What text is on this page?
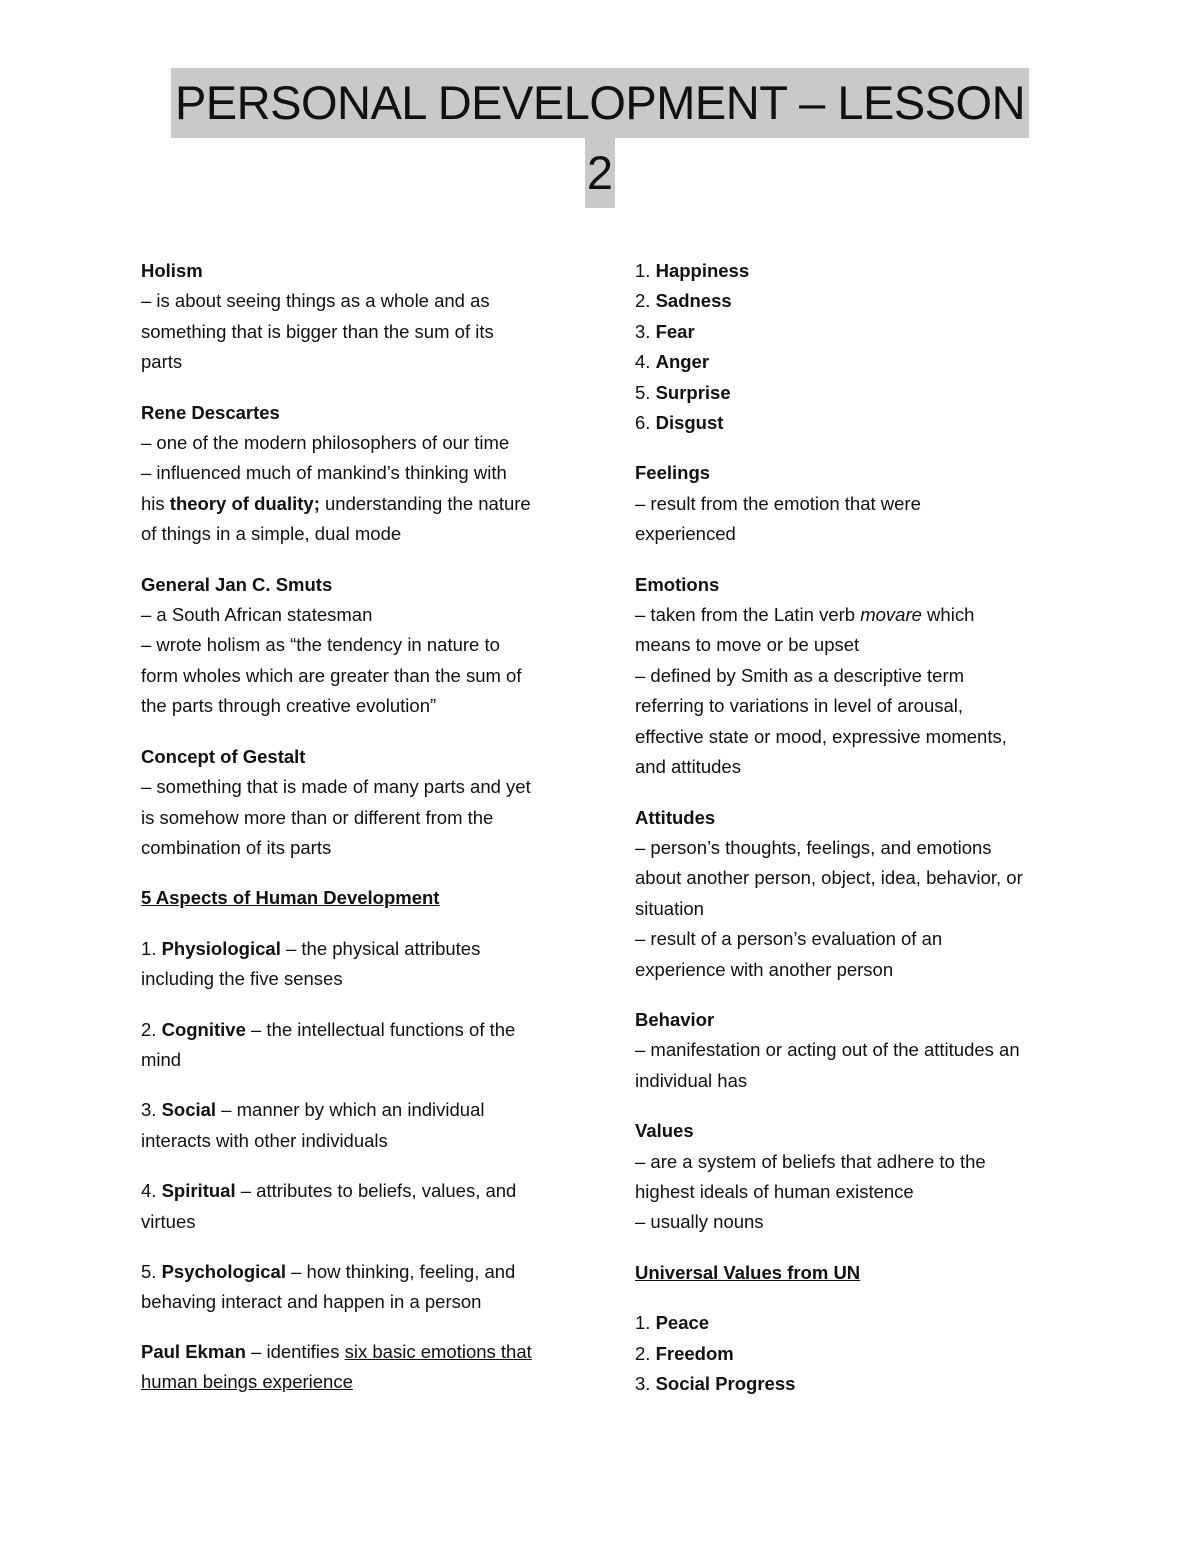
PERSONAL DEVELOPMENT – LESSON
2
Holism
– is about seeing things as a whole and as
something that is bigger than the sum of its
parts
Rene Descartes
– one of the modern philosophers of our time
– influenced much of mankind’s thinking with
his theory of duality; understanding the nature
of things in a simple, dual mode
General Jan C. Smuts
– a South African statesman
– wrote holism as “the tendency in nature to
form wholes which are greater than the sum of
the parts through creative evolution”
Concept of Gestalt
– something that is made of many parts and yet
is somehow more than or different from the
combination of its parts
5 Aspects of Human Development
1. Physiological – the physical attributes
including the five senses
2. Cognitive – the intellectual functions of the
mind
3. Social – manner by which an individual
interacts with other individuals
4. Spiritual – attributes to beliefs, values, and
virtues
5. Psychological – how thinking, feeling, and
behaving interact and happen in a person
Paul Ekman – identifies six basic emotions that
human beings experience
1. Happiness
2. Sadness
3. Fear
4. Anger
5. Surprise
6. Disgust
Feelings
– result from the emotion that were
experienced
Emotions
– taken from the Latin verb movare which
means to move or be upset
– defined by Smith as a descriptive term
referring to variations in level of arousal,
effective state or mood, expressive moments,
and attitudes
Attitudes
– person’s thoughts, feelings, and emotions
about another person, object, idea, behavior, or
situation
– result of a person’s evaluation of an
experience with another person
Behavior
– manifestation or acting out of the attitudes an
individual has
Values
– are a system of beliefs that adhere to the
highest ideals of human existence
– usually nouns
Universal Values from UN
1. Peace
2. Freedom
3. Social Progress
